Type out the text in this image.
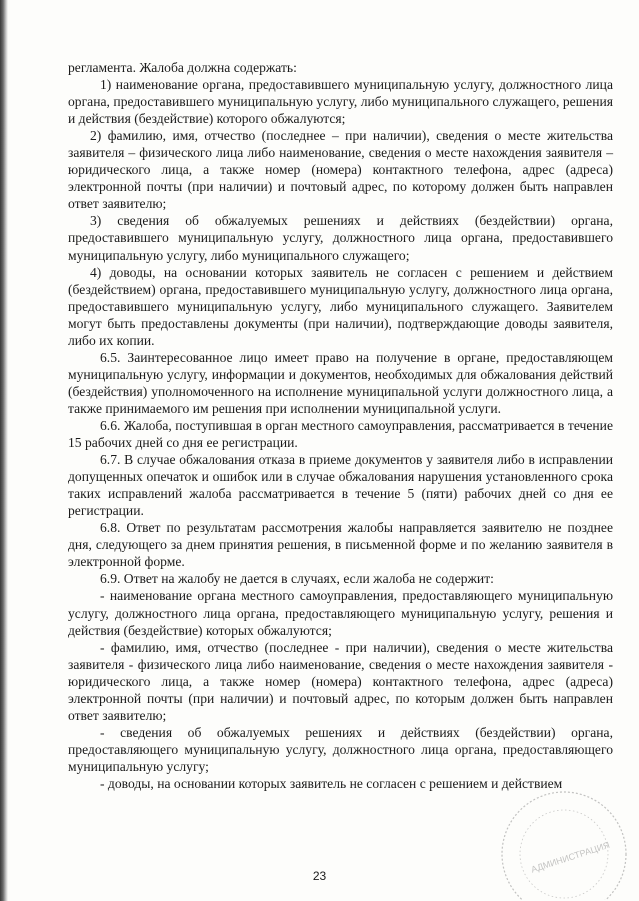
регламента. Жалоба должна содержать:

1) наименование органа, предоставившего муниципальную услугу, должностного лица органа, предоставившего муниципальную услугу, либо муниципального служащего, решения и действия (бездействие) которого обжалуются;

2) фамилию, имя, отчество (последнее – при наличии), сведения о месте жительства заявителя – физического лица либо наименование, сведения о месте нахождения заявителя – юридического лица, а также номер (номера) контактного телефона, адрес (адреса) электронной почты (при наличии) и почтовый адрес, по которому должен быть направлен ответ заявителю;

3) сведения об обжалуемых решениях и действиях (бездействии) органа, предоставившего муниципальную услугу, должностного лица органа, предоставившего муниципальную услугу, либо муниципального служащего;

4) доводы, на основании которых заявитель не согласен с решением и действием (бездействием) органа, предоставившего муниципальную услугу, должностного лица органа, предоставившего муниципальную услугу, либо муниципального служащего. Заявителем могут быть предоставлены документы (при наличии), подтверждающие доводы заявителя, либо их копии.

6.5. Заинтересованное лицо имеет право на получение в органе, предоставляющем муниципальную услугу, информации и документов, необходимых для обжалования действий (бездействия) уполномоченного на исполнение муниципальной услуги должностного лица, а также принимаемого им решения при исполнении муниципальной услуги.

6.6. Жалоба, поступившая в орган местного самоуправления, рассматривается в течение 15 рабочих дней со дня ее регистрации.

6.7. В случае обжалования отказа в приеме документов у заявителя либо в исправлении допущенных опечаток и ошибок или в случае обжалования нарушения установленного срока таких исправлений жалоба рассматривается в течение 5 (пяти) рабочих дней со дня ее регистрации.

6.8. Ответ по результатам рассмотрения жалобы направляется заявителю не позднее дня, следующего за днем принятия решения, в письменной форме и по желанию заявителя в электронной форме.

6.9. Ответ на жалобу не дается в случаях, если жалоба не содержит:

- наименование органа местного самоуправления, предоставляющего муниципальную услугу, должностного лица органа, предоставляющего муниципальную услугу, решения и действия (бездействие) которых обжалуются;

- фамилию, имя, отчество (последнее - при наличии), сведения о месте жительства заявителя - физического лица либо наименование, сведения о месте нахождения заявителя - юридического лица, а также номер (номера) контактного телефона, адрес (адреса) электронной почты (при наличии) и почтовый адрес, по которым должен быть направлен ответ заявителю;

- сведения об обжалуемых решениях и действиях (бездействии) органа, предоставляющего муниципальную услугу, должностного лица органа, предоставляющего муниципальную услугу;

- доводы, на основании которых заявитель не согласен с решением и действием

АДМИНИСТРАЦИЯ
23
